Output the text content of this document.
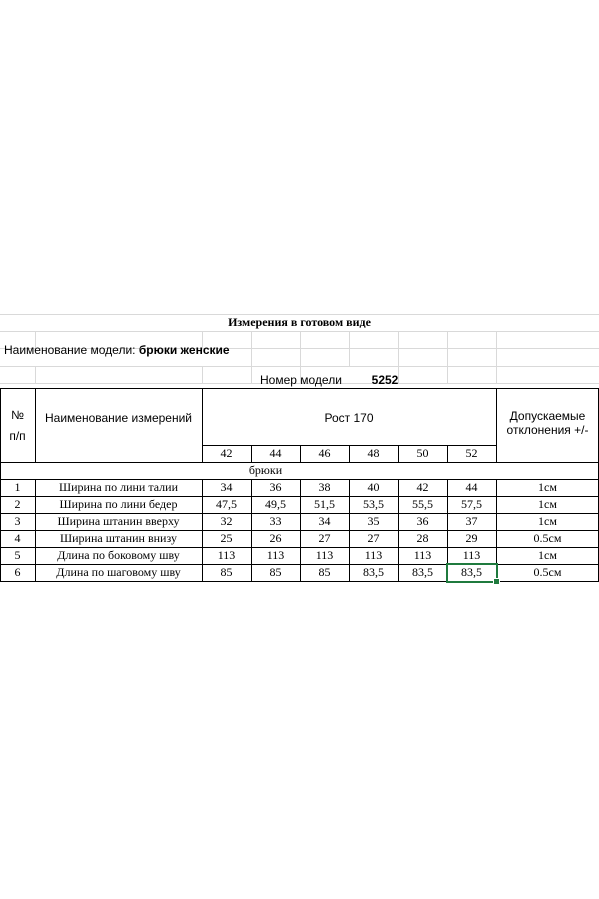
Измерения в готовом виде
Наименование модели:
брюки женские
Номер модели	5252
№
п/п
Наименование измерений	Рост 170	Допускаемые
отклонения +/-
42	44	46	48	50	52
брюки
1	Ширина по лини талии	34	36	38	40	42	44	1см
2	Ширина по лини бедер	47,5	49,5	51,5	53,5	55,5	57,5	1см
3	Ширина штанин вверху	32	33	34	35	36	37	1см
4	Ширина штанин внизу	25	26	27	27	28	29	0.5см
5	Длина по боковому шву	113	113	113	113	113	113	1см
6	Длина по шаговому шву	85	85	85	83,5	83,5	83,5	0.5см
